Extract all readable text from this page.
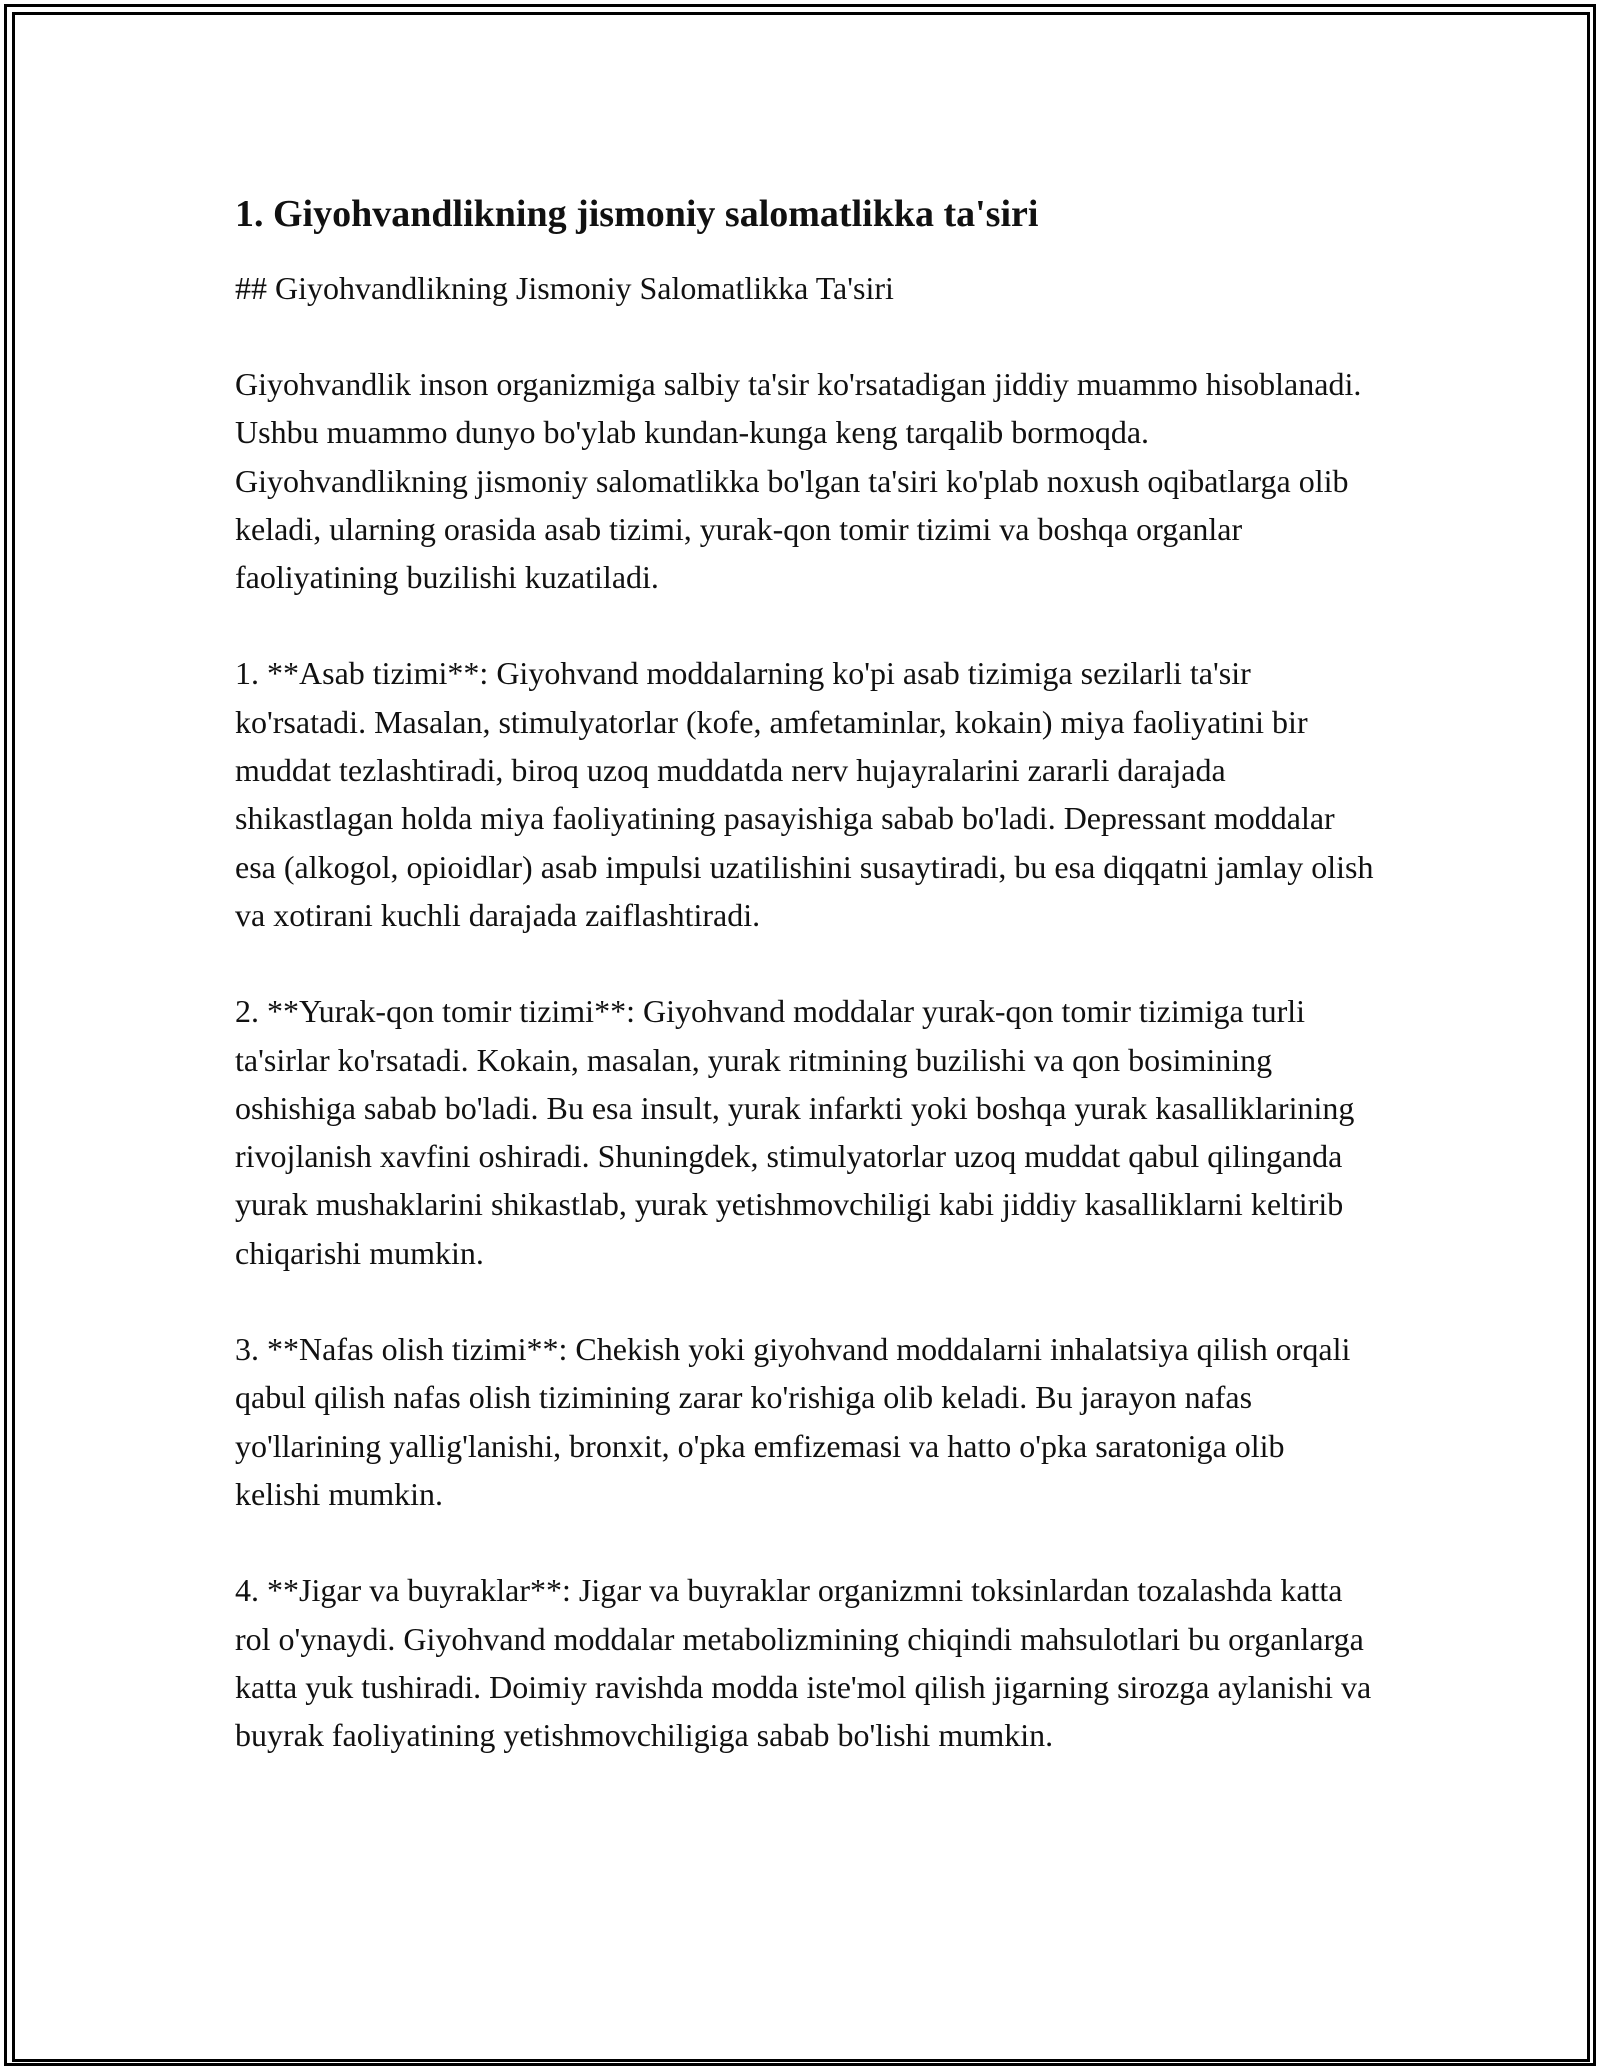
1. Giyohvandlikning jismoniy salomatlikka ta'siri

## Giyohvandlikning Jismoniy Salomatlikka Ta'siri

Giyohvandlik inson organizmiga salbiy ta'sir ko'rsatadigan jiddiy muammo hisoblanadi. Ushbu muammo dunyo bo'ylab kundan-kunga keng tarqalib bormoqda. Giyohvandlikning jismoniy salomatlikka bo'lgan ta'siri ko'plab noxush oqibatlarga olib keladi, ularning orasida asab tizimi, yurak-qon tomir tizimi va boshqa organlar faoliyatining buzilishi kuzatiladi.

1. **Asab tizimi**: Giyohvand moddalarning ko'pi asab tizimiga sezilarli ta'sir ko'rsatadi. Masalan, stimulyatorlar (kofe, amfetaminlar, kokain) miya faoliyatini bir muddat tezlashtiradi, biroq uzoq muddatda nerv hujayralarini zararli darajada shikastlagan holda miya faoliyatining pasayishiga sabab bo'ladi. Depressant moddalar esa (alkogol, opioidlar) asab impulsi uzatilishini susaytiradi, bu esa diqqatni jamlay olish va xotirani kuchli darajada zaiflashtiradi.

2. **Yurak-qon tomir tizimi**: Giyohvand moddalar yurak-qon tomir tizimiga turli ta'sirlar ko'rsatadi. Kokain, masalan, yurak ritmining buzilishi va qon bosimining oshishiga sabab bo'ladi. Bu esa insult, yurak infarkti yoki boshqa yurak kasalliklarining rivojlanish xavfini oshiradi. Shuningdek, stimulyatorlar uzoq muddat qabul qilinganda yurak mushaklarini shikastlab, yurak yetishmovchiligi kabi jiddiy kasalliklarni keltirib chiqarishi mumkin.

3. **Nafas olish tizimi**: Chekish yoki giyohvand moddalarni inhalatsiya qilish orqali qabul qilish nafas olish tizimining zarar ko'rishiga olib keladi. Bu jarayon nafas yo'llarining yallig'lanishi, bronxit, o'pka emfizemasi va hatto o'pka saratoniga olib kelishi mumkin.

4. **Jigar va buyraklar**: Jigar va buyraklar organizmni toksinlardan tozalashda katta rol o'ynaydi. Giyohvand moddalar metabolizmining chiqindi mahsulotlari bu organlarga katta yuk tushiradi. Doimiy ravishda modda iste'mol qilish jigarning sirozga aylanishi va buyrak faoliyatining yetishmovchiligiga sabab bo'lishi mumkin.
